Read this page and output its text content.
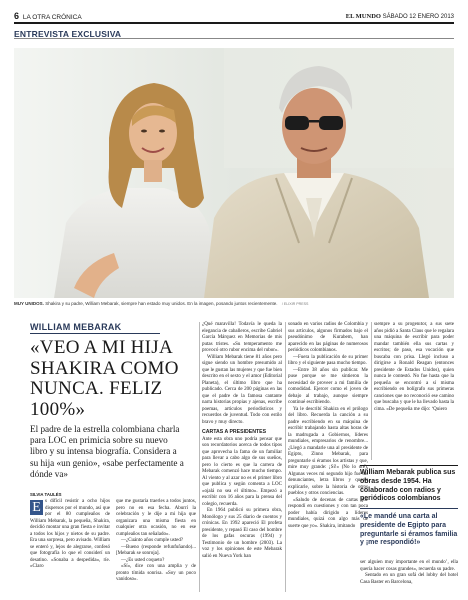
6 LA OTRA CRÓNICA	EL MUNDO SÁBADO 12 ENERO 2013
ENTREVISTA EXCLUSIVA
MUY UNIDOS. Shakira y su padre, William Mebarak, siempre han estado muy unidos. En la imagen, posando juntos recientemente. / ELIXIR PRESS
WILLIAM MEBARAK
«VEO A MI HIJA SHAKIRA COMO NUNCA. FELIZ 100%»
El padre de la estrella colombiana charla para LOC en primicia sobre su nuevo libro y su intensa biografía. Considera a su hija «un genio», «sabe perfectamente a dónde va»
SILVIA TAULÉS

E s difícil resistir a ocho hijos dispersos por el mundo, así que por el 80 cumpleaños de William Mebarak, la pequeña, Shakira, decidió montar una gran fiesta e invitar a todos los hijos y nietos de su padre. Era una sorpresa, pero avisado. William se enteró y, lejos de alegrarse, confesó que fotografía lo que el considerí un desatino. «Sonaba a despedida», ríe. «Claro

que me gustaría traerles a todos juntos, pero no en esa fecha. Aburrí la celebración y le dije a mi hija que organizara una misma fiesta en cualquier otra ocasión, no en ese cumpleaños tan señalado».

—¿Cuánto años cumple usted?

—Bueno (responde refunfuñando)... [Mebarak se sonroja].

—¿Es usted coqueto?

«Sí», dice con una amplia y de pronto tímida sonrisa. «Soy un poco vanidoso».

¿Qué maravilla! Todavía le queda la elegancia de caballeros, escribe Gabriel García Márquez en Memorias de mis putas tristes. «Su temperamento me provocó otro rubor encima del rubor».

William Mebarak tiene 81 años pero sigue siendo un hombre presumido al que le gustan las mujeres y que fue bien descrito en el sexto y el amor (Editorial Planeta), el último libro que ha publicado. Cerca de 200 páginas en las que el padre de la famosa cantante narra historias propias y ajenas, escribe poemas, articulos periodísticos y recuerdos de juventud. Todo con estilo bravo y muy directo.

CARTAS A PRESIDENTES

Ante esta obra uno podría pensar que son recordatorios acerca de todos tipos que aprovecha la fama de un familiar para llevar a cabo algo de sus sueños, pero lo cierto es que la carrera de Mebarak comenzó hace mucho tiempo. Al viento y al azar no es el primer libro que publica y según comenta a LOC «ojalá no sea el último». Empezó a escribir con 16 años para la prensa del colegio, recuerda.

En 1964 publicó su primera obra, Monólogo y sus 25 diario de cuentos y crónicas. En 1992 apareció El profeta presidente, y repasó El caso del hombre de los gafas oscuras (1994) y Testimonio de un hombre (2003). La voz y los opiniones de este Mebarak salió en Nueva York han

sonado en varios radios de Colombia y sus artículos, algunos firmados bajo el pseudónimo de Kurabem, han aparecido en las páginas de numerosos periódicos colombianos.

—Fuera la publicación de su primer libro y el siguiente pasa mucho tiempo.

—Entre 38 años sin publicar. Me puse porque se me sintieron la necesidad de proveer a mi familia de comodidad. Ejercer como el joven de debajo al trabajo, aunque siempre continué escribiendo.

Ya le describí Shakira en el prólogo del libro. Recuerda la canción a su padre escribiendo en su máquina de escribir trabajando hasta altas horas de la madrugada a Gobiernos, líderes mundiales, empresarios de renombre... ¿Llegó a mandarle una al presidente de Egipto, Zinno Mebarak, para preguntarle si éramos los artistas y que, mire muy grande: ¡Sí!» (No lo oré). Algunas veces mi segundo hijo fue las denunciantes, letra libros y querer explicarle, sobre la historia de otros pueblos y otros conciencias.

«Saludo de decenas de cartas que respondí en cuestiones y con tan poca poder había dirigido a líderes mundiales, quizá con algo más de suerte que yo». Shakira, imitando

siempre a su progenitor, a sus siete años pidió a Santa Claus que le regalara una máquina de escribir para poder mandar también ella sus cartas y escritos; de paso, esa vocación que buscaba con prisa. Llegó incluso a dirigirse a Ronald Reagan (entonces presidente de Estados Unidos), quien nunca le contestó. No fue hasta que la pequeña se encontró a sí misma escribiendo en bolígrafo sus primeras canciones que no reconoció ese camino que buscaba y que le ha llevado hasta la cima. «De pequeña me dijo: ‘Quiero

William Mebarak publica sus obras desde 1954. Ha colaborado con radios y periódicos colombianos
«Le mandé una carta al presidente de Egipto para preguntarle si éramos familia y ¡me respondió!»

ser alguien muy importante en el mundo’, ella quería hacer cosas grandes», recuerda su padre.

Sentado en un gran sofá del lobby del hotel Casa Baster en Barcelona,
